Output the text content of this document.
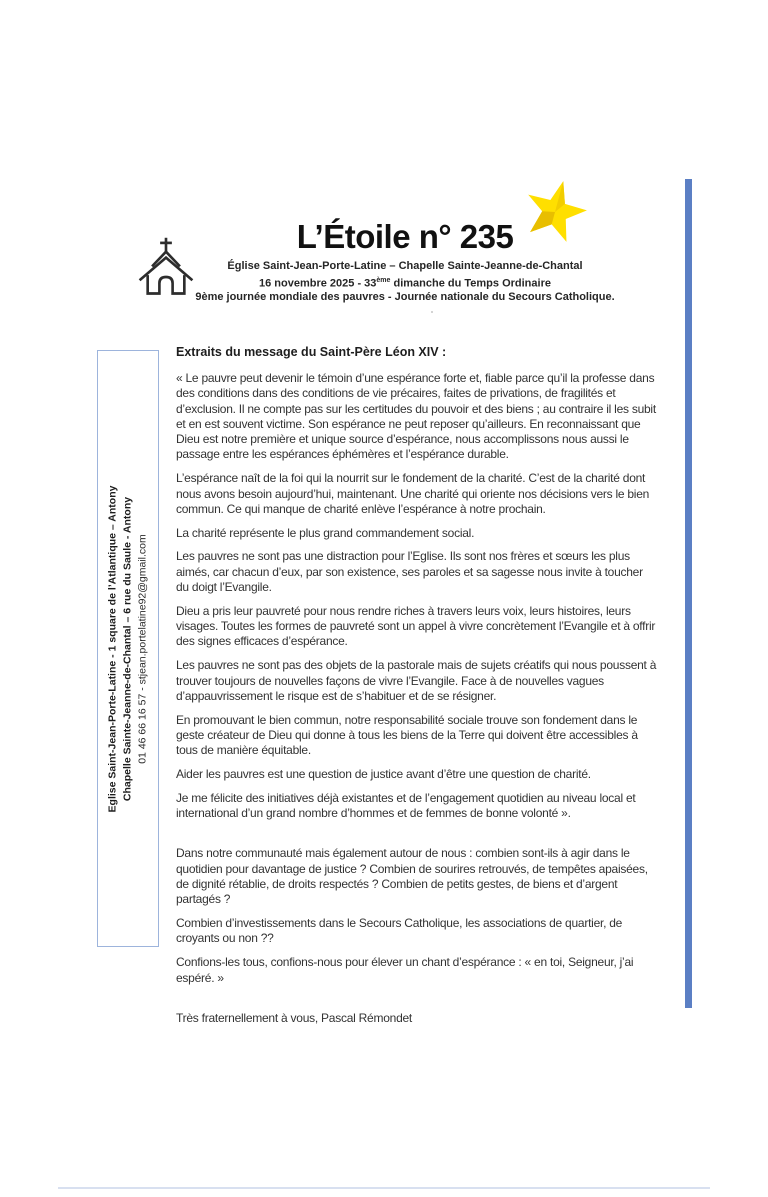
L’Étoile n° 235

Église Saint-Jean-Porte-Latine – Chapelle Sainte-Jeanne-de-Chantal

16 novembre 2025 - 33ème dimanche du Temps Ordinaire

9ème journée mondiale des pauvres - Journée nationale du Secours Catholique.

Eglise Saint-Jean-Porte-Latine - 1 square de l’Atlantique – Antony Chapelle Sainte-Jeanne-de-Chantal – 6 rue du Saule - Antony 01 46 66 16 57 - stjean.portelatine92@gmail.com

Extraits du message du Saint-Père Léon XIV :

« Le pauvre peut devenir le témoin d’une espérance forte et, fiable parce qu’il la professe dans des conditions dans des conditions de vie précaires, faites de privations, de fragilités et d’exclusion. Il ne compte pas sur les certitudes du pouvoir et des biens ; au contraire il les subit et en est souvent victime. Son espérance ne peut reposer qu’ailleurs. En reconnaissant que Dieu est notre première et unique source d’espérance, nous accomplissons nous aussi le passage entre les espérances éphémères et l’espérance durable.

L’espérance naît de la foi qui la nourrit sur le fondement de la charité. C’est de la charité dont nous avons besoin aujourd’hui, maintenant. Une charité qui oriente nos décisions vers le bien commun. Ce qui manque de charité enlève l’espérance à notre prochain.

La charité représente le plus grand commandement social.

Les pauvres ne sont pas une distraction pour l’Eglise. Ils sont nos frères et sœurs les plus aimés, car chacun d’eux, par son existence, ses paroles et sa sagesse nous invite à toucher du doigt l’Evangile.

Dieu a pris leur pauvreté pour nous rendre riches à travers leurs voix, leurs histoires, leurs visages. Toutes les formes de pauvreté sont un appel à vivre concrètement l’Evangile et à offrir des signes efficaces d’espérance.

Les pauvres ne sont pas des objets de la pastorale mais de sujets créatifs qui nous poussent à trouver toujours de nouvelles façons de vivre l’Evangile. Face à de nouvelles vagues d’appauvrissement le risque est de s’habituer et de se résigner.

En promouvant le bien commun, notre responsabilité sociale trouve son fondement dans le geste créateur de Dieu qui donne à tous les biens de la Terre qui doivent être accessibles à tous de manière équitable.

Aider les pauvres est une question de justice avant d’être une question de charité.

Je me félicite des initiatives déjà existantes et de l’engagement quotidien au niveau local et international d’un grand nombre d’hommes et de femmes de bonne volonté ».

Dans notre communauté mais également autour de nous : combien sont-ils à agir dans le quotidien pour davantage de justice ? Combien de sourires retrouvés, de tempêtes apaisées, de dignité rétablie, de droits respectés ? Combien de petits gestes, de biens et d’argent partagés ?

Combien d’investissements dans le Secours Catholique, les associations de quartier, de croyants ou non ??

Confions-les tous, confions-nous pour élever un chant d’espérance : « en toi, Seigneur, j’ai espéré. »

Très fraternellement à vous, Pascal Rémondet
